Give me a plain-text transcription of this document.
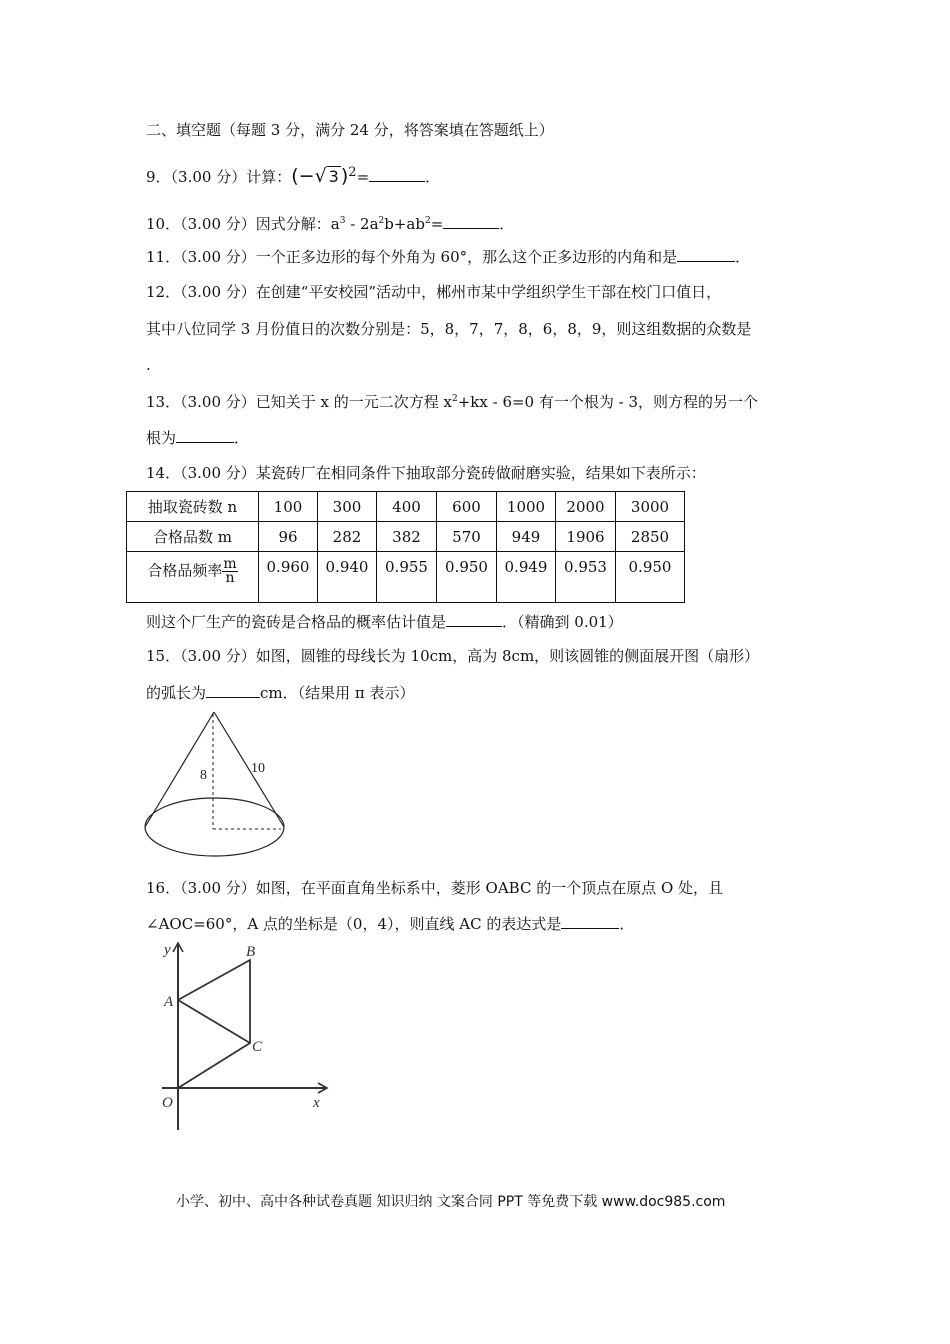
二、填空题（每题 3 分，满分 24 分，将答案填在答题纸上）
9．（3.00 分）计算：(−√ 3 )$^2$=	．
10．（3.00 分）因式分解：$a^3 - 2a^2b+ab^2=$	．
11．（3.00 分）一个正多边形的每个外角为 60°，那么这个正多边形的内角和是	．
12．（3.00 分）在创建“平安校园”活动中，郴州市某中学组织学生干部在校门口值日，
其中八位同学 3 月份值日的次数分别是：5，8，7，7，8，6，8，9，则这组数据的众数是
.
13．（3.00 分）已知关于 x 的一元二次方程 $x^2+kx - 6=0$ 有一个根为 - 3，则方程的另一个
根为	．
14．（3.00 分）某瓷砖厂在相同条件下抽取部分瓷砖做耐磨实验，结果如下表所示：
抽取瓷砖数 n	100	300	400	600	1000	2000	3000
合格品数 m	96	282	382	570	949	1906	2850
合格品频率 $\frac{m}{n}$	0.960	0.940	0.955	0.950	0.949	0.953	0.950
则这个厂生产的瓷砖是合格品的概率估计值是	．（精确到 0.01）
15．（3.00 分）如图，圆锥的母线长为 10cm，高为 8cm，则该圆锥的侧面展开图（扇形）
的弧长为	cm．（结果用 π 表示）
8	10
16．（3.00 分）如图，在平面直角坐标系中，菱形 OABC 的一个顶点在原点 O 处，且
∠AOC=60°，A 点的坐标是（0，4），则直线 AC 的表达式是	．
y
x
A
B
C
O
小学、初中、高中各种试卷真题 知识归纳 文案合同 PPT 等免费下载 www.doc985.com
